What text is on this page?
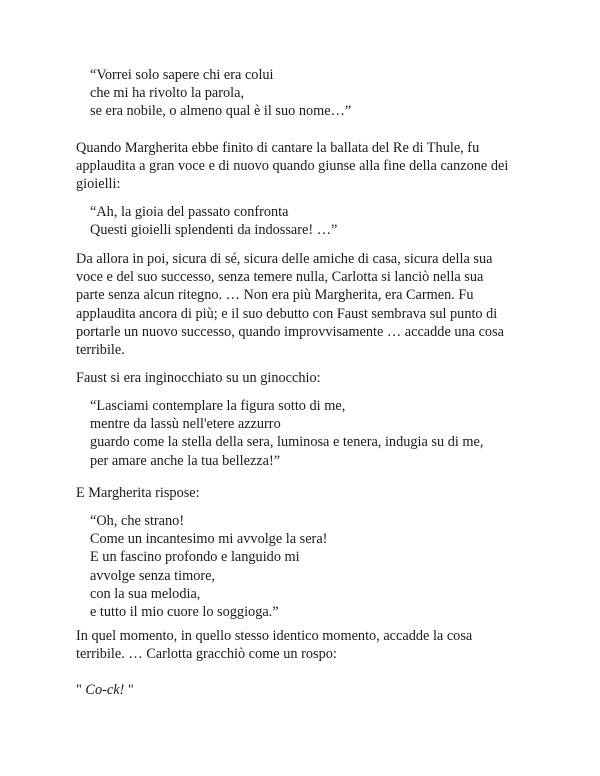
“Vorrei solo sapere chi era colui
che mi ha rivolto la parola,
se era nobile, o almeno qual è il suo nome…”
Quando Margherita ebbe finito di cantare la ballata del Re di Thule, fu
applaudita a gran voce e di nuovo quando giunse alla fine della canzone dei
gioielli:
“Ah, la gioia del passato confronta
Questi gioielli splendenti da indossare! …”
Da allora in poi, sicura di sé, sicura delle amiche di casa, sicura della sua
voce e del suo successo, senza temere nulla, Carlotta si lanciò nella sua
parte senza alcun ritegno. … Non era più Margherita, era Carmen. Fu
applaudita ancora di più; e il suo debutto con Faust sembrava sul punto di
portarle un nuovo successo, quando improvvisamente … accadde una cosa
terribile.
Faust si era inginocchiato su un ginocchio:
“Lasciami contemplare la figura sotto di me,
mentre da lassù nell'etere azzurro
guardo come la stella della sera, luminosa e tenera, indugia su di me,
per amare anche la tua bellezza!”
E Margherita rispose:
“Oh, che strano!
Come un incantesimo mi avvolge la sera!
E un fascino profondo e languido mi
avvolge senza timore,
con la sua melodia,
e tutto il mio cuore lo soggioga.”
In quel momento, in quello stesso identico momento, accadde la cosa
terribile. … Carlotta gracchiò come un rospo:
" Co-ck! "
